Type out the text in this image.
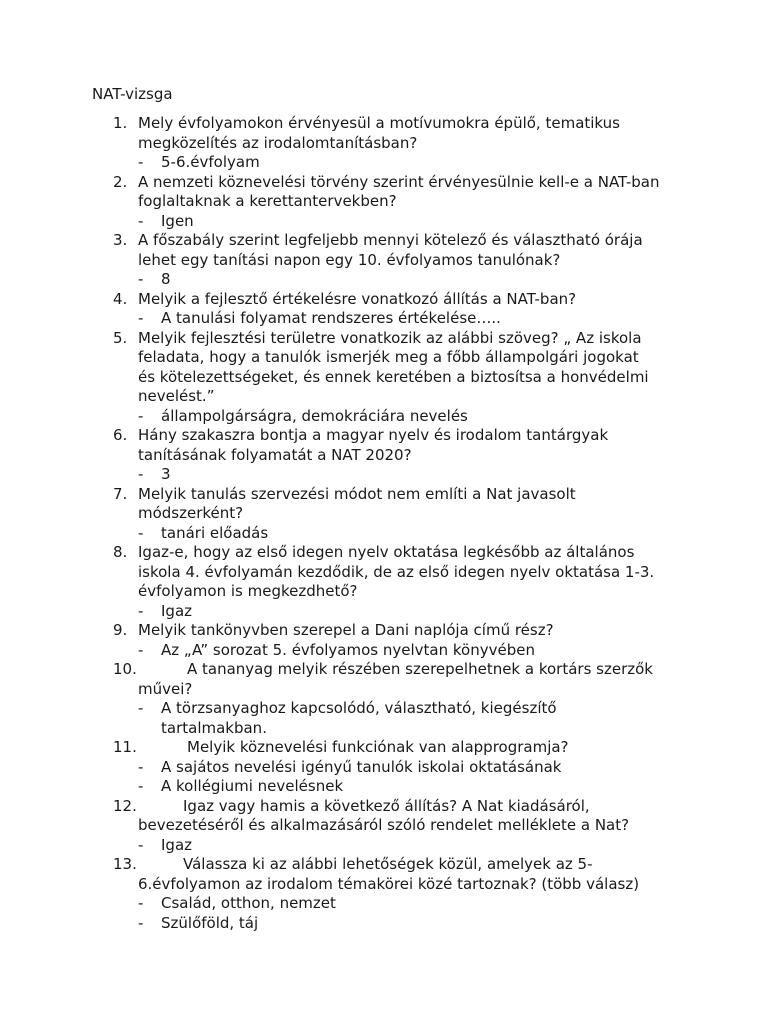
NAT-vizsga
1. Mely évfolyamokon érvényesül a motívumokra épülő, tematikus
megközelítés az irodalomtanításban?
- 5-6.évfolyam
2. A nemzeti köznevelési törvény szerint érvényesülnie kell-e a NAT-ban
foglaltaknak a kerettantervekben?
- Igen
3. A főszabály szerint legfeljebb mennyi kötelező és választható órája
lehet egy tanítási napon egy 10. évfolyamos tanulónak?
- 8
4. Melyik a fejlesztő értékelésre vonatkozó állítás a NAT-ban?
- A tanulási folyamat rendszeres értékelése…..
5. Melyik fejlesztési területre vonatkozik az alábbi szöveg? „ Az iskola
feladata, hogy a tanulók ismerjék meg a főbb állampolgári jogokat
és kötelezettségeket, és ennek keretében a biztosítsa a honvédelmi
nevelést.”
- állampolgárságra, demokráciára nevelés
6. Hány szakaszra bontja a magyar nyelv és irodalom tantárgyak
tanításának folyamatát a NAT 2020?
- 3
7. Melyik tanulás szervezési módot nem említi a Nat javasolt
módszerként?
- tanári előadás
8. Igaz-e, hogy az első idegen nyelv oktatása legkésőbb az általános
iskola 4. évfolyamán kezdődik, de az első idegen nyelv oktatása 1-3.
évfolyamon is megkezdhető?
- Igaz
9. Melyik tankönyvben szerepel a Dani naplója című rész?
- Az „A” sorozat 5. évfolyamos nyelvtan könyvében
10.	A tananyag melyik részében szerepelhetnek a kortárs szerzők
művei?
- A törzsanyaghoz kapcsolódó, választható, kiegészítő
tartalmakban.
11.	Melyik köznevelési funkciónak van alapprogramja?
- A sajátos nevelési igényű tanulók iskolai oktatásának
- A kollégiumi nevelésnek
12.	Igaz vagy hamis a következő állítás? A Nat kiadásáról,
bevezetéséről és alkalmazásáról szóló rendelet melléklete a Nat?
- Igaz
13.	Válassza ki az alábbi lehetőségek közül, amelyek az 5-
6.évfolyamon az irodalom témakörei közé tartoznak? (több válasz)
- Család, otthon, nemzet
- Szülőföld, táj
